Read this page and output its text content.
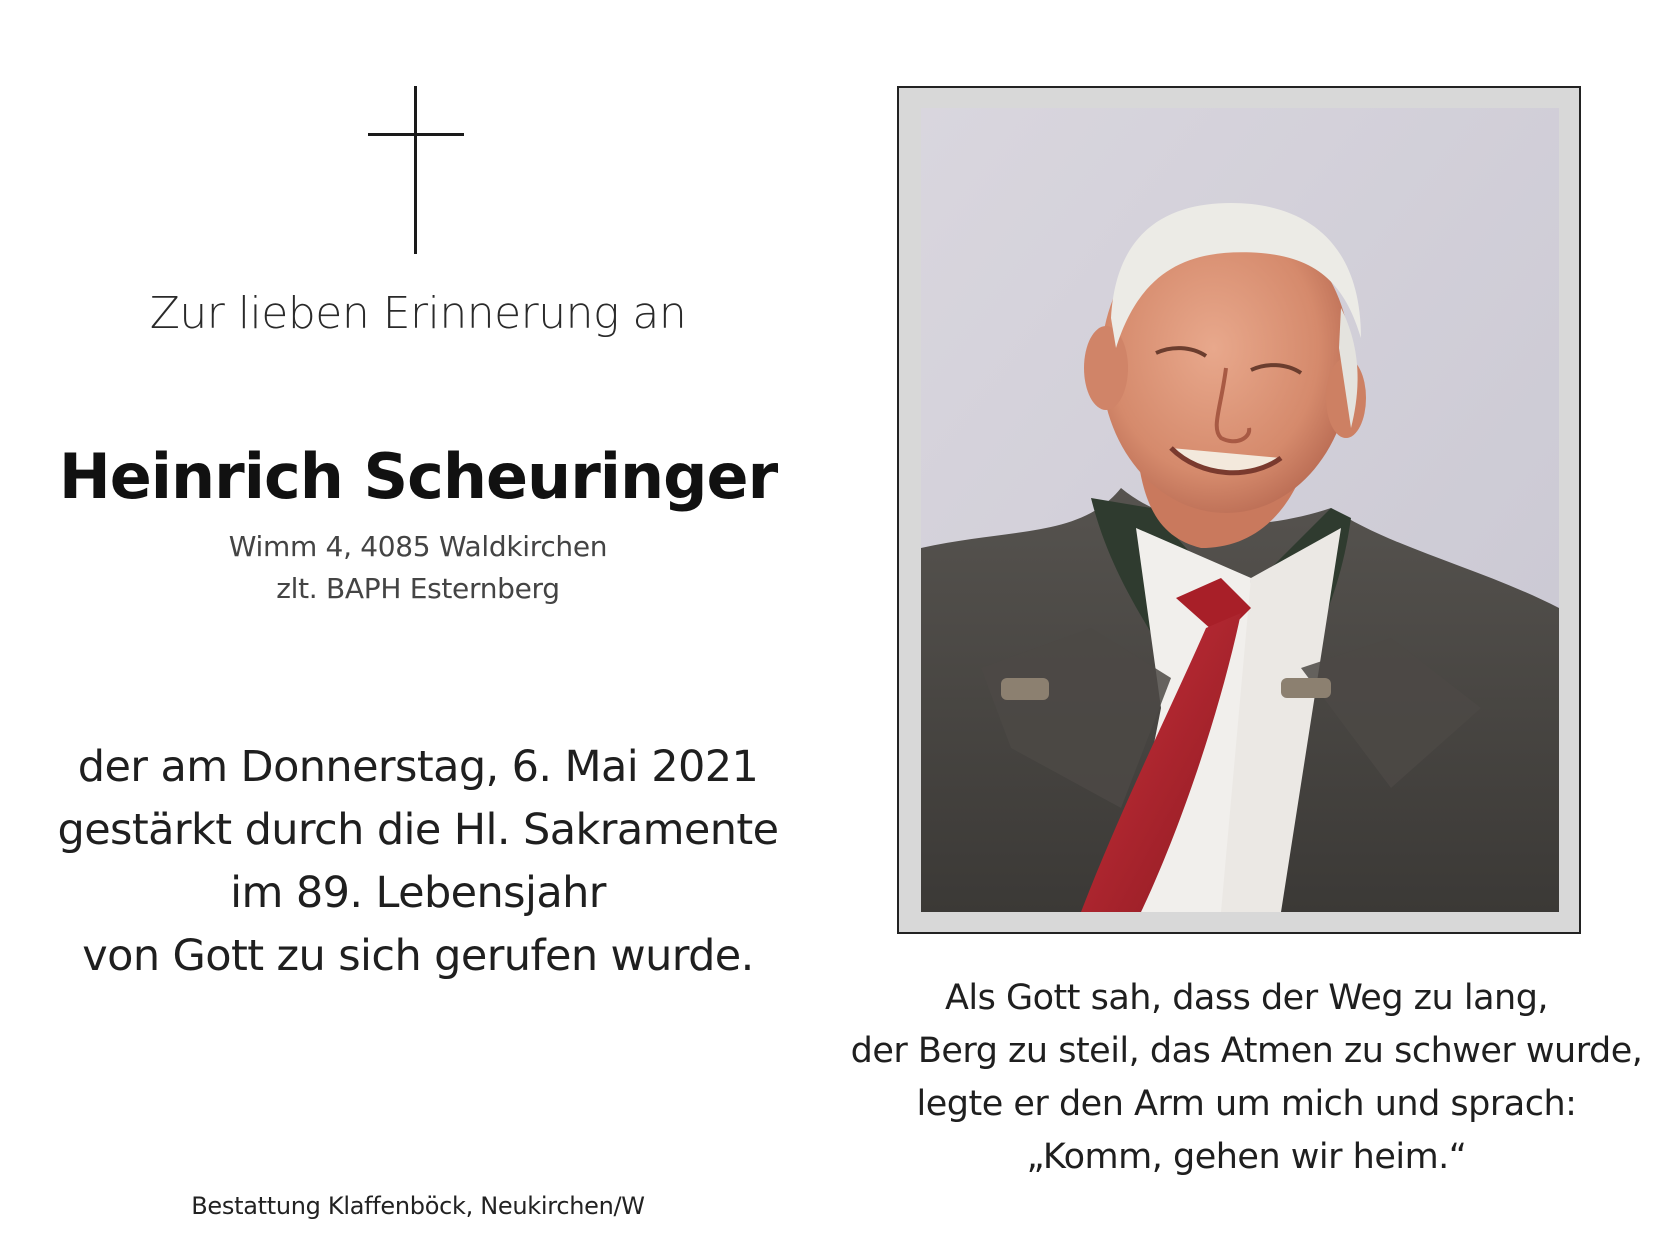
Zur lieben Erinnerung an
Heinrich Scheuringer
Wimm 4, 4085 Waldkirchen
zlt. BAPH Esternberg
der am Donnerstag, 6. Mai 2021
gestärkt durch die Hl. Sakramente
im 89. Lebensjahr
von Gott zu sich gerufen wurde.
Bestattung Klaffenböck, Neukirchen/W
Als Gott sah, dass der Weg zu lang,
der Berg zu steil, das Atmen zu schwer wurde,
legte er den Arm um mich und sprach:
„Komm, gehen wir heim.“
